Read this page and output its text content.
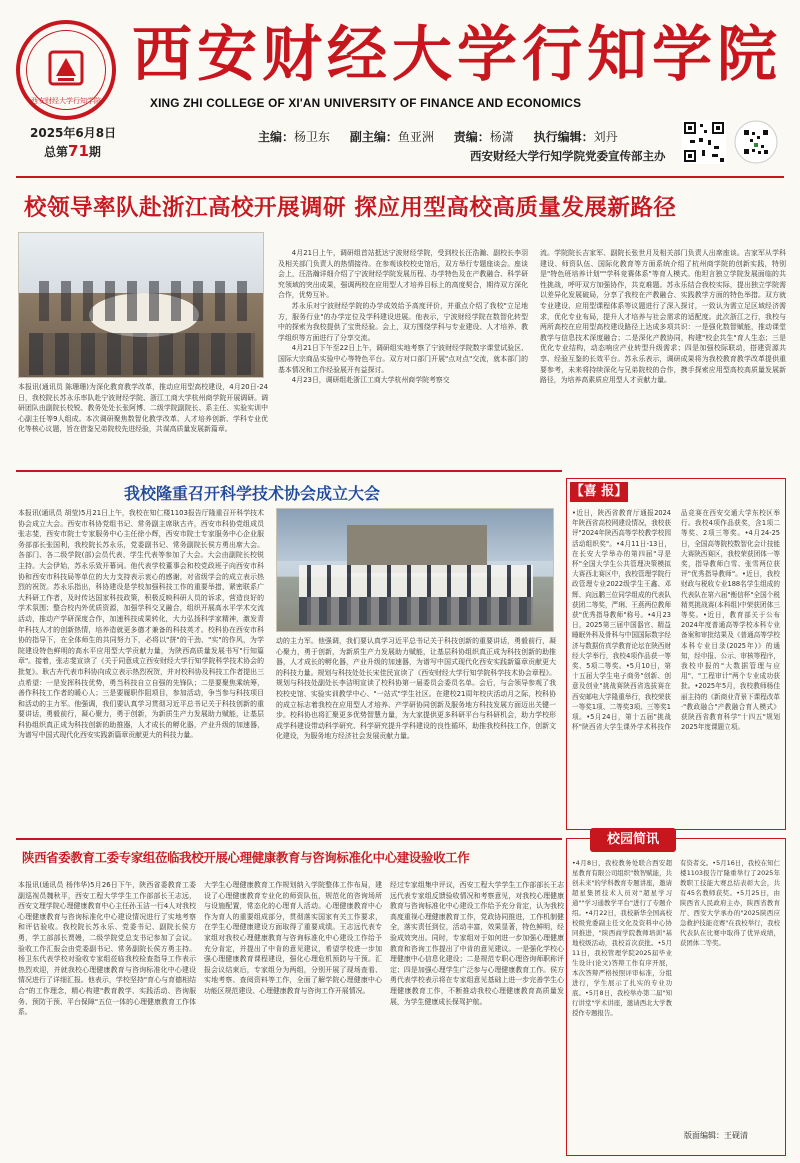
西安财经大学行知学院
西安财经大学行知学院
XING ZHI COLLEGE OF XI'AN UNIVERSITY OF FINANCE AND ECONOMICS
2025年6月8日
总第71期
主编：杨卫东 副主编：鱼亚洲 责编：杨潇 执行编辑：刘丹
西安财经大学行知学院党委宣传部主办
校领导率队赴浙江高校开展调研 探应用型高校高质量发展新路径
本报讯(通讯员 陈珊珊)为深化教育教学改革，推动应用型高校建设，4月20日-24日，我校院长苏永乐率队赴宁波财经学院、浙江工商大学杭州商学院开展调研。调研团队由副院长校锐、教务处处长张阿博、二级学院副院长、系主任、实验实训中心副主任等9人组成。本次调研聚焦数智化教学改革、人才培养创新、学科专业优化等核心议题，旨在借鉴兄弟院校先进经验，共谋高质量发展新篇章。

4月21日上午，调研组首站抵达宁波财经学院，受到校长汪浩瀚、副校长李羽及相关部门负责人的热情接待。在参观该校校史馆后，双方举行专题座谈会。座谈会上，汪浩瀚详细介绍了宁波财经学院发展历程、办学特色及在产教融合、科学研究领域的突出成果，强调两校在应用型人才培养目标上的高度契合，期待双方深化合作，优势互补。

苏永乐对宁波财经学院的办学成效给予高度评价，并重点介绍了我校"立足地方，服务行业"的办学定位及学科建设进展。他表示，宁波财经学院在数智化转型中的探索为我校提供了宝贵经验。会上，双方围绕学科与专业建设、人才培养、教学组织等方面进行了分享交流。

4月21日下午至22日上午，调研组实地考察了宁波财经学院数字课堂试验区、国际大宗商品实验中心等特色平台。双方对口部门开展"点对点"交流，就本部门的基本情况和工作经验展开有益探讨。

4月23日，调研组赴浙江工商大学杭州商学院考察交

流。学院院长吉家军、副院长张世月及相关部门负责人出席座谈。吉家军从学科建设、师资队伍、国际化教育等方面系统介绍了杭州商学院的创新实践，特别是"特色班培养计划""学科竞赛体系"等育人模式。他坦言独立学院发展面临的共性挑战，呼吁双方加强协作，共克难题。苏永乐结合我校实际，提出独立学院需以差异化发展破局，分享了我校在产教融合、实践教学方面的特色举措。双方就专业建设、应用型课程体系等议题进行了深入探讨，一致认为需立足区域经济需求，优化专业布局，提升人才培养与社会需求的适配度。此次浙江之行，我校与两所高校在应用型高校建设路径上达成多项共识：一是强化数智赋能，推动课堂教学与信息技术深度融合；二是深化产教协同，构建"校企共生"育人生态；三是优化专业结构，动态响应产业转型升级需求；四是加强校际联动，搭建资源共享、经验互鉴的长效平台。苏永乐表示，调研成果将为我校教育教学改革提供重要参考，未来将持续深化与兄弟院校的合作，携手探索应用型高校高质量发展新路径，为培养高素质应用型人才贡献力量。
我校隆重召开科学技术协会成立大会
本报讯(通讯员 胡莹)5月21日上午，我校在知仁楼1103报告厅隆重召开科学技术协会成立大会。西安市科协党组书记、常务副主席耿古卉，西安市科协党组成员张志斐，西安市院士专家服务中心主任徐小辉，西安市院士专家服务中心企业服务部部长张国利，我校院长苏永乐，党委副书记、常务副院长侯方勇出席大会。各部门、各二级学院(部)会员代表、学生代表等参加了大会。大会由副院长校锐主持。大会伊始，苏永乐致开幕词。他代表学校董事会和校党政班子向西安市科协和西安市科技局等单位的大力支持表示衷心的感谢，对省级学会的成立表示热烈的祝贺。苏永乐指出，科协建设是学校加强科技工作的重要举措，紧密联系广大科研工作者，及时传达国家科技政策，积极反映科研人员的诉求，营造良好的学术氛围；整合校内外优质资源，加强学科交叉融合，组织开展高水平学术交流活动，推动产学研深度合作，加速科技成果转化，大力弘扬科学家精神，激发青年科技人才的创新热情，培养造就更多德才兼备的科技英才。校科协在西安市科协的指导下，在全体师生的共同努力下，必将以"拼"的干劲、"实"的作风，为学院建设特色鲜明的高水平应用型大学贡献力量，为陕西高质量发展书写"行知篇章"。接着，张志斐宣读了《关于同意成立西安财经大学行知学院科学技术协会的批复》。耿古卉代表市科协向成立表示热烈祝贺，并对校科协及科技工作者提出三点希望：一是发挥科技优势，勇当科技自立自强的先锋队；二是要聚焦乘统筹，善作科技工作者的暖心人；三是要履职作阻项目，参加活动，争当参与科技项目和活动的主力军。他强调，我们要认真学习贯彻习近平总书记关于科技创新的重要讲话，勇毅前行，凝心聚力，勇于创新，为新质生产力发展助力赋能，让基层科协组织真正成为科技创新的助推器，人才成长的孵化器，产业升级的加速器，为谱写中国式现代化西安实践新篇章贡献更大的科技力量。
动的主力军。他强调，我们要认真学习近平总书记关于科技创新的重要讲话，勇毅前行，凝心聚力，勇于创新，为新质生产力发展助力赋能，让基层科协组织真正成为科技创新的助推器，人才成长的孵化器，产业升级的加速器，为谱写中国式现代化西安实践新篇章贡献更大的科技力量。规划与科技处处长宋佳民宣读了《西安财经大学行知学院科学技术协会章程》。规划与科技处副处长李洁明宣读了校科协第一届委员会委员名单。会后，与会领导参观了我校校史馆、实验实训教学中心、"一站式"学生社区。在建校21周年校庆活动月之际，校科协的成立标志着我校在应用型人才培养、产学研协同创新及服务地方科技发展方面迈出关键一步。校科协也将汇聚更多优势智慧力量，为大家提供更多科研平台与科研机会，助力学校形成学科建设带动科学研究、科学研究提升学科建设的良性循环，助推我校科技工作，创新文化建设，为服务地方经济社会发展贡献力量。
【喜 报】
•近日，陕西省教育厅通报2024年陕西省高校网建设情况，我校获评"2024年陕西高等学校教学校园活动组织奖"。•4月11日-13日，在长安大学举办的第四届"寻是杯"全国大学生公共管理决策模拟大赛西北赛区中，我校管理学院行政管理专业2022级学生王鑫、邓辉、向远鹏三位同学组成的代表队获团二等奖，严琍、王燕两位教师获"优秀指导教师"称号。•4月23日，2025第三届中国器官、精益睡眠外科及骨科与中国国际数字经济与数据仿真学教育论坛在陕西财经大学举行，我校4项作品获一等奖、5项二等奖。•5月10日，第十五届大学生电子商务"创新、创意及创业"挑战赛陕西省选拔赛在西安邮电大学隆重举行，我校荣获一等奖1项、二等奖3项、三等奖1项。•5月24日，第十五届"挑战杯"陕西省大学生课外学术科技作品竞赛在西安交通大学东校区举行。我校4项作品获奖，含1项二等奖、2项三等奖。•4月24-25日，全国高等院校数智化会计技能大赛陕西赛区，我校荣获团体一等奖，指导教师白雪、张雪两位获评"优秀指导教师"。•近日，我校财政与税收专业188名学生组成的代表队在第六届"衡信杯"全国个税精英挑战赛(本科组)中荣获团体三等奖。•近日，教育部关于公布2024年度普通高等学校本科专业备案和审批结果及《普通高等学校本科专业目录(2025年)》的通知，经申报、公示、审核等程序，我校申报的"大数据管理与应用"、"工程审计"两个专业成功获批。•2025年5月，我校教师杨佳丽主持的《新商业背景下课程改革·"教政融合"产教融合育人模式》获陕西省教育科学"十四五"规划2025年度课题立项。
陕西省委教育工委专家组莅临我校开展心理健康教育与咨询标准化中心建设验收工作
本报讯(通讯员 杨伟华)5月26日下午，陕西省委教育工委副巡视员魏秋平，西安工程大学学生工作部部长王志远，西安文理学院心理健康教育中心主任孙玉洁一行4人对我校心理健康教育与咨询标准化中心建设情况进行了实地考察和评估验收。我校院长苏永乐、党委书记、副院长侯方勇，学工部部长贾嫚，二级学院党总支书记参加了会议。验收工作汇报会由党委副书记、常务副院长侯方勇主持。杨卫东代表学校对验收专家组莅临我校检查指导工作表示热烈欢迎，并就我校心理健康教育与咨询标准化中心建设情况进行了详细汇报。他表示，学校坚持"育心与育德相结合"的工作理念，精心构建"教育教学、实践活动、咨询服务、预防干预、平台保障"五位一体的心理健康教育工作体系。
大学生心理健康教育工作规划纳入学院整体工作布局，建设了心理健康教育专业化的师资队伍，规范化的咨询场所与设施配置，常态化的心理育人活动。心理健康教育中心作为育人的重要组成部分，贯彻落实国家有关工作要求，在学生心理健康建设方面取得了重要成绩。王志远代表专家组对我校心理健康教育与咨询标准化中心建设工作给予充分肯定，并提出了中肯的意见建议，希望学校进一步加强心理健康教育课程建设，强化心理危机预防与干预。汇报会议结束后，专家组分为两组，分别开展了现场查看、实地考察、查阅资料等工作，全面了解学院心理健康中心功能区规范建设、心理健康教育与咨询工作开展情况。
经过专家组集中评议，西安工程大学学生工作部部长王志远代表专家组反馈验收情况和考察意见，对我校心理健康教育与咨询标准化中心建设工作给予充分肯定，认为我校高度重视心理健康教育工作，党政协同推进，工作机制健全，落实责任到位，活动丰富，效果显著，特色鲜明，经验成效突出。同时，专家组对于如何进一步加强心理健康教育和咨询工作提出了中肯的意见建议。一是强化学校心理健康中心信息化建设；二是规范专职心理咨询师职称评定；四是加强心理学生广泛参与心理健康教育工作。侯方勇代表学校表示将在专家组意见基础上进一步完善学生心理健康教育工作，不断推动我校心理健康教育高质量发展，为学生健康成长保驾护航。
校园简讯
•4月8日，我校教务处联合西安超星教育有限公司组织"数智赋能，共创未来"的学科教育专题讲座，邀请超星集团技术人员对"超星学习通""学习通教学平台"进行了专题介绍。•4月22日，我校新华全国高校校级党委副主任文化及资料中心协同推进，"陕西商学院教师培训"基地校级活动，我校首次获批。•5月11日，我校管理学院2025届毕业生设计(论文)答辩工作有序开展，本次答辩严格按照评审标准，分组进行，学生展示了扎实的专业功底。•5月8日，我校举办第二届"知行讲堂"学术讲座，邀请西北大学教授作专题报告。
有资者交。•5月16日，我校在知仁楼1103报告厅隆重举行了2025年教职工技能大赛总结表彰大会，共有45名教师获奖。•5月25日，由陕西省人民政府主办，陕西省教育厅、西安大学承办的"2025陕西应急救护技能竞赛"在我校举行，我校代表队在比赛中取得了优异成绩，获团体二等奖。
版面编辑：王砚清
